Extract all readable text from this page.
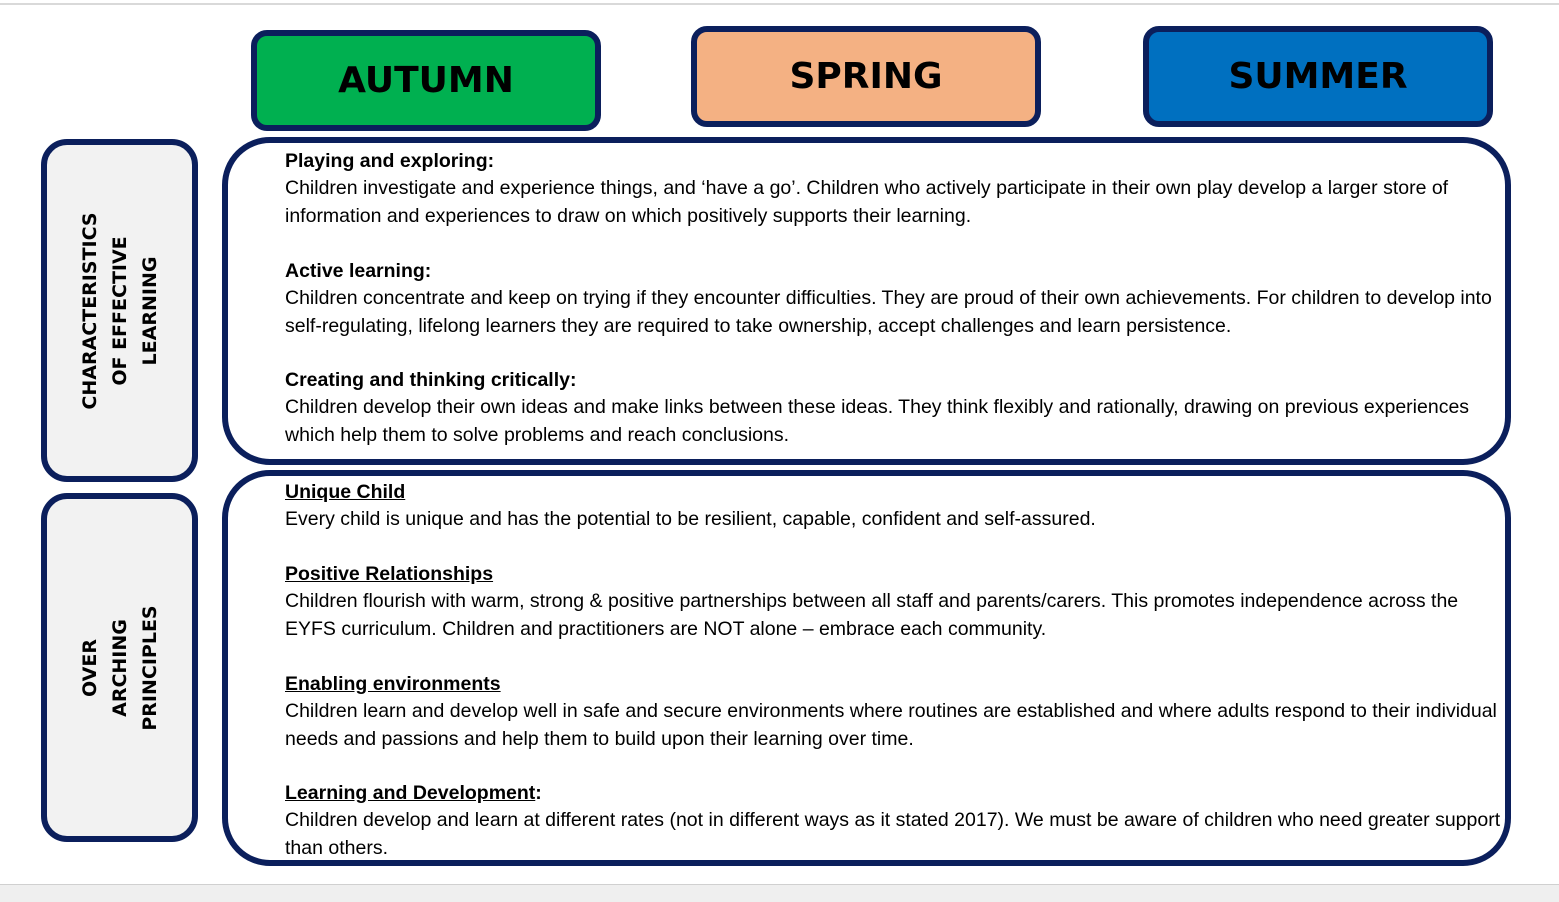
AUTUMN	SPRING	SUMMER
CHARACTERISTICS
OF EFFECTIVE
LEARNING
OVER
ARCHING
PRINCIPLES
Playing and exploring:
Children investigate and experience things, and ‘have a go’. Children who actively participate in their own play develop a larger store of information and experiences to draw on which positively supports their learning.
Active learning:
Children concentrate and keep on trying if they encounter difficulties. They are proud of their own achievements. For children to develop into self-regulating, lifelong learners they are required to take ownership, accept challenges and learn persistence.
Creating and thinking critically:
Children develop their own ideas and make links between these ideas. They think flexibly and rationally, drawing on previous experiences which help them to solve problems and reach conclusions.
Unique Child
Every child is unique and has the potential to be resilient, capable, confident and self-assured.
Positive Relationships
Children flourish with warm, strong & positive partnerships between all staff and parents/carers. This promotes independence across the EYFS curriculum. Children and practitioners are NOT alone – embrace each community.
Enabling environments
Children learn and develop well in safe and secure environments where routines are established and where adults respond to their individual needs and passions and help them to build upon their learning over time.
Learning and Development:
Children develop and learn at different rates (not in different ways as it stated 2017). We must be aware of children who need greater support than others.
